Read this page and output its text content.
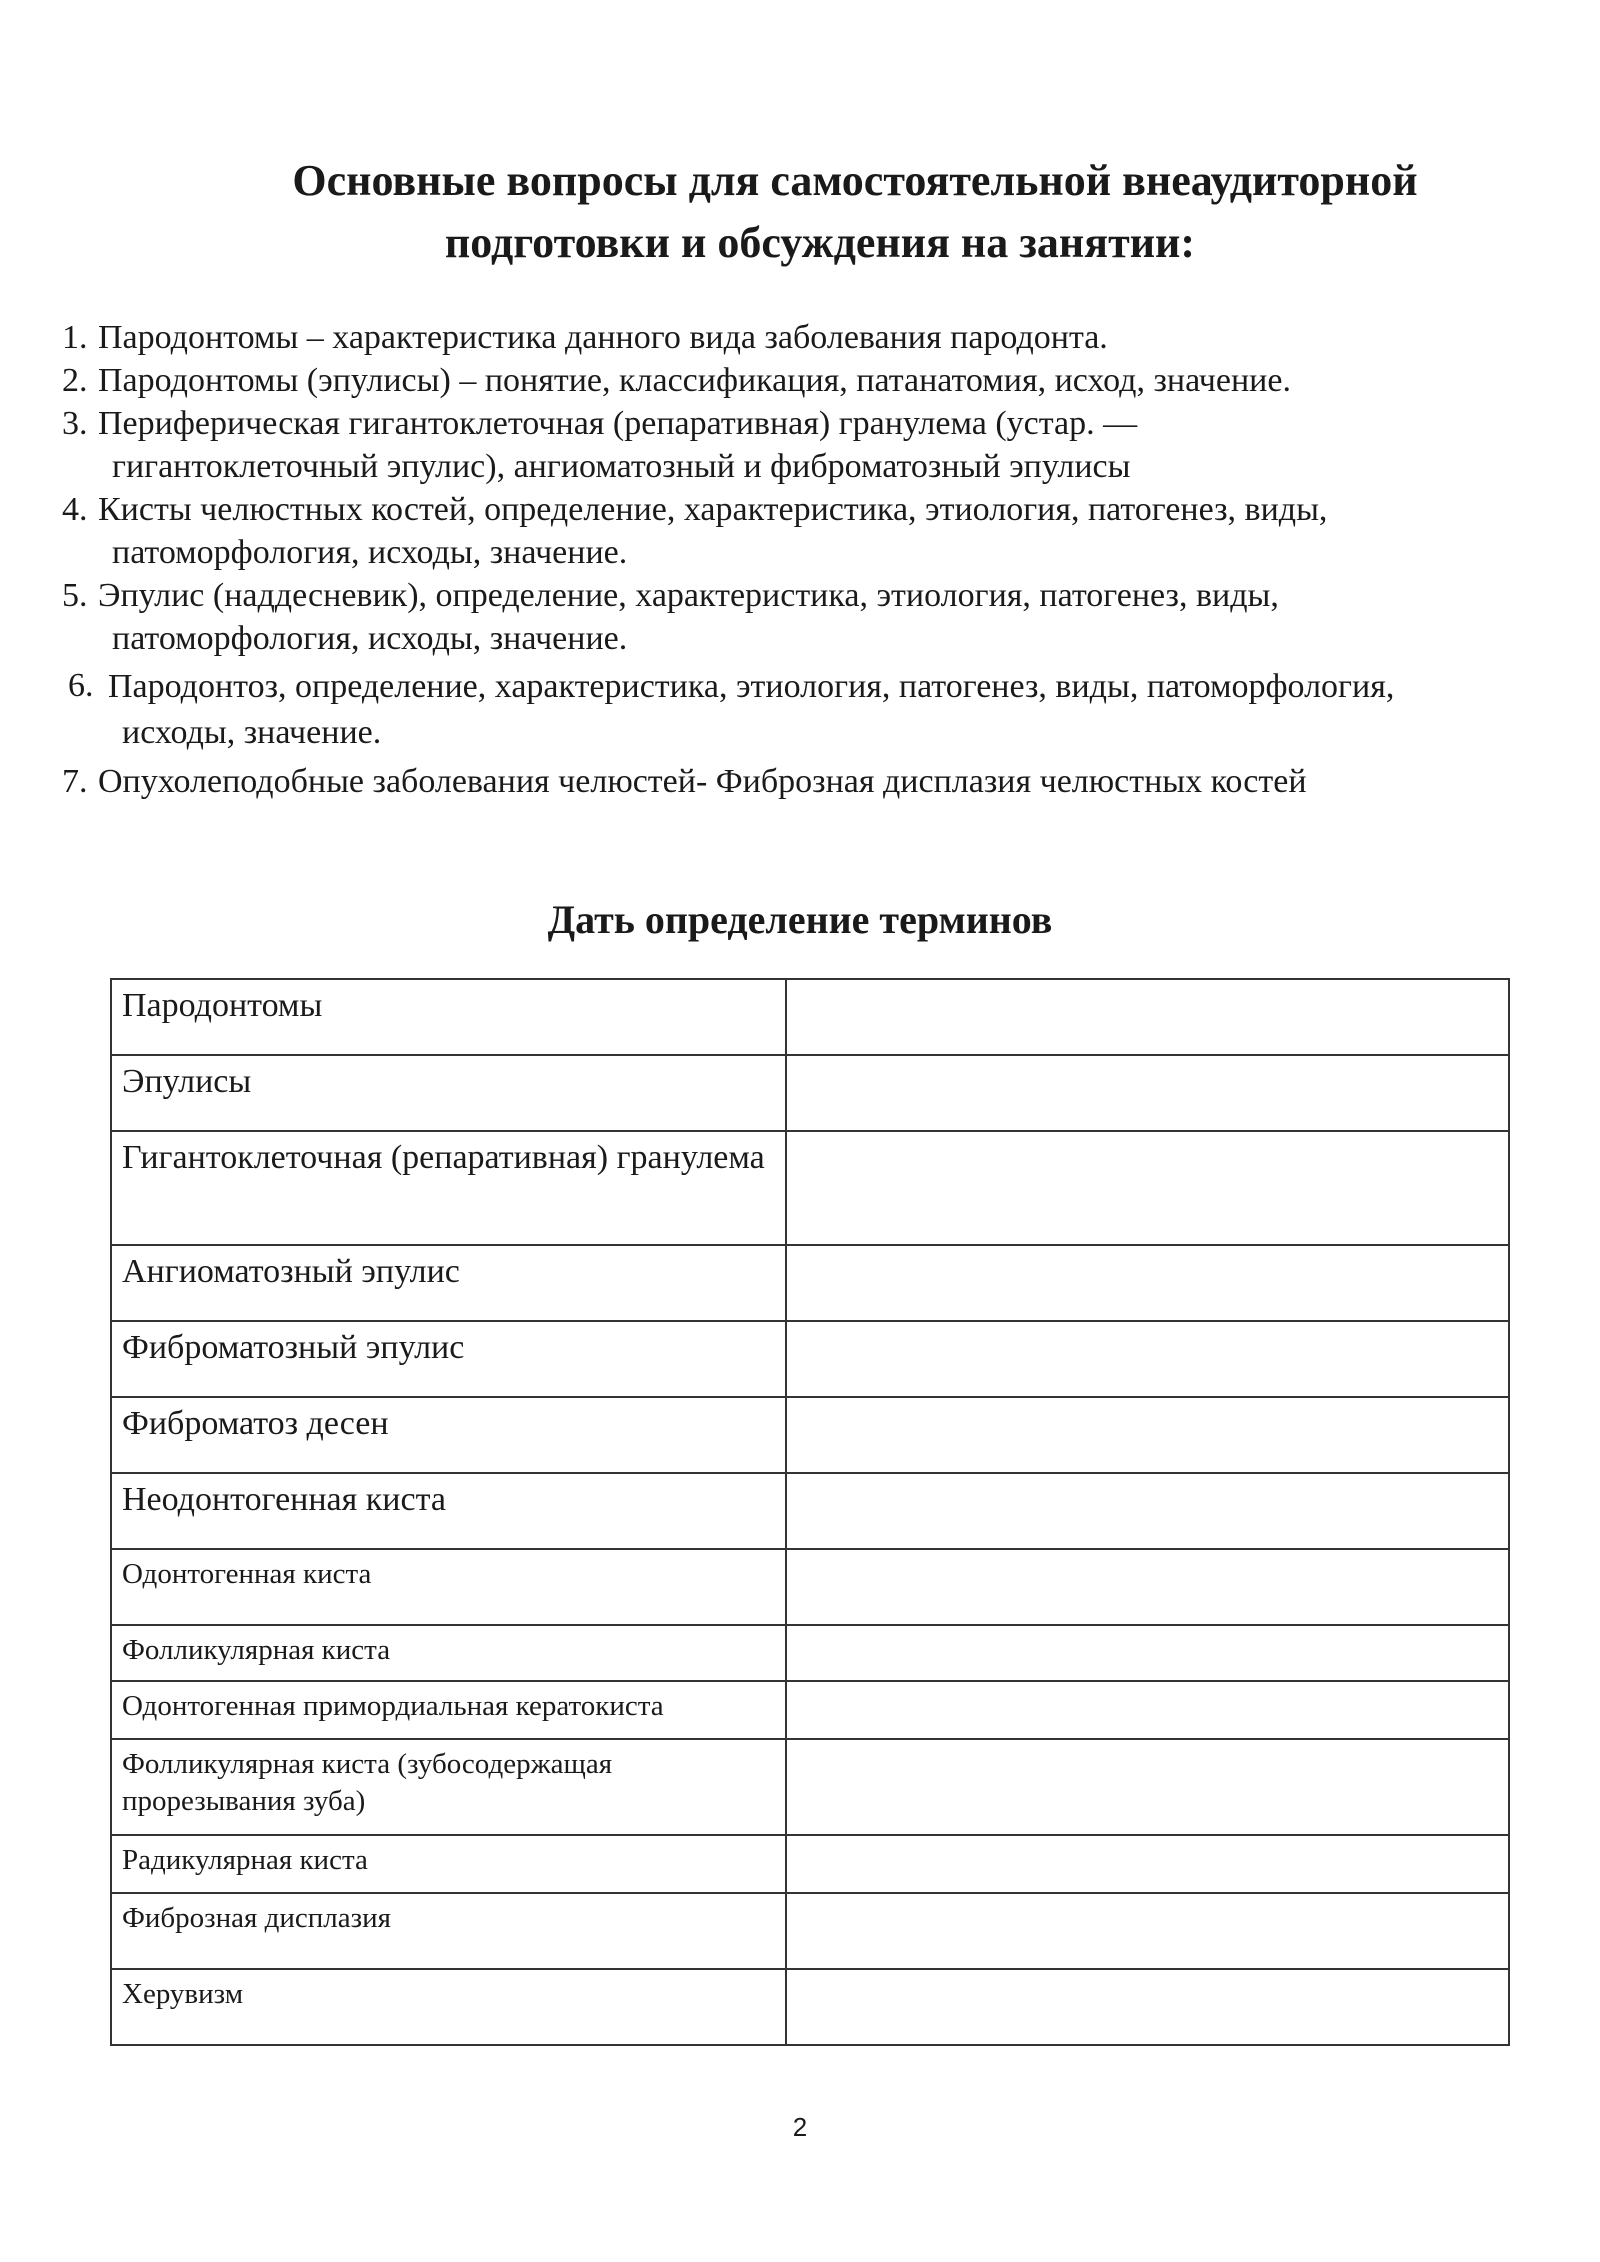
Основные вопросы для самостоятельной внеаудиторной
подготовки и обсуждения на занятии:
1. Пародонтомы – характеристика данного вида заболевания пародонта.
2. Пародонтомы (эпулисы) – понятие, классификация, патанатомия, исход, значение.
3. Периферическая гигантоклеточная (репаративная) гранулема (устар. —
гигантоклеточный эпулис), ангиоматозный и фиброматозный эпулисы
4. Кисты челюстных костей, определение, характеристика, этиология, патогенез, виды,
патоморфология, исходы, значение.
5. Эпулис (наддесневик), определение, характеристика, этиология, патогенез, виды,
патоморфология, исходы, значение.
6. Пародонтоз, определение, характеристика, этиология, патогенез, виды, патоморфология,
исходы, значение.
7. Опухолеподобные заболевания челюстей- Фиброзная дисплазия челюстных костей
Дать определение терминов
Пародонтомы	
Эпулисы	
Гигантоклеточная (репаративная) гранулема	
Ангиоматозный эпулис	
Фиброматозный эпулис	
Фиброматоз десен	
Неодонтогенная киста	
Одонтогенная киста	
Фолликулярная киста	
Одонтогенная примордиальная кератокиста	
Фолликулярная киста (зубосодержащая прорезывания зуба)	
Радикулярная киста	
Фиброзная дисплазия	
Херувизм	
2
